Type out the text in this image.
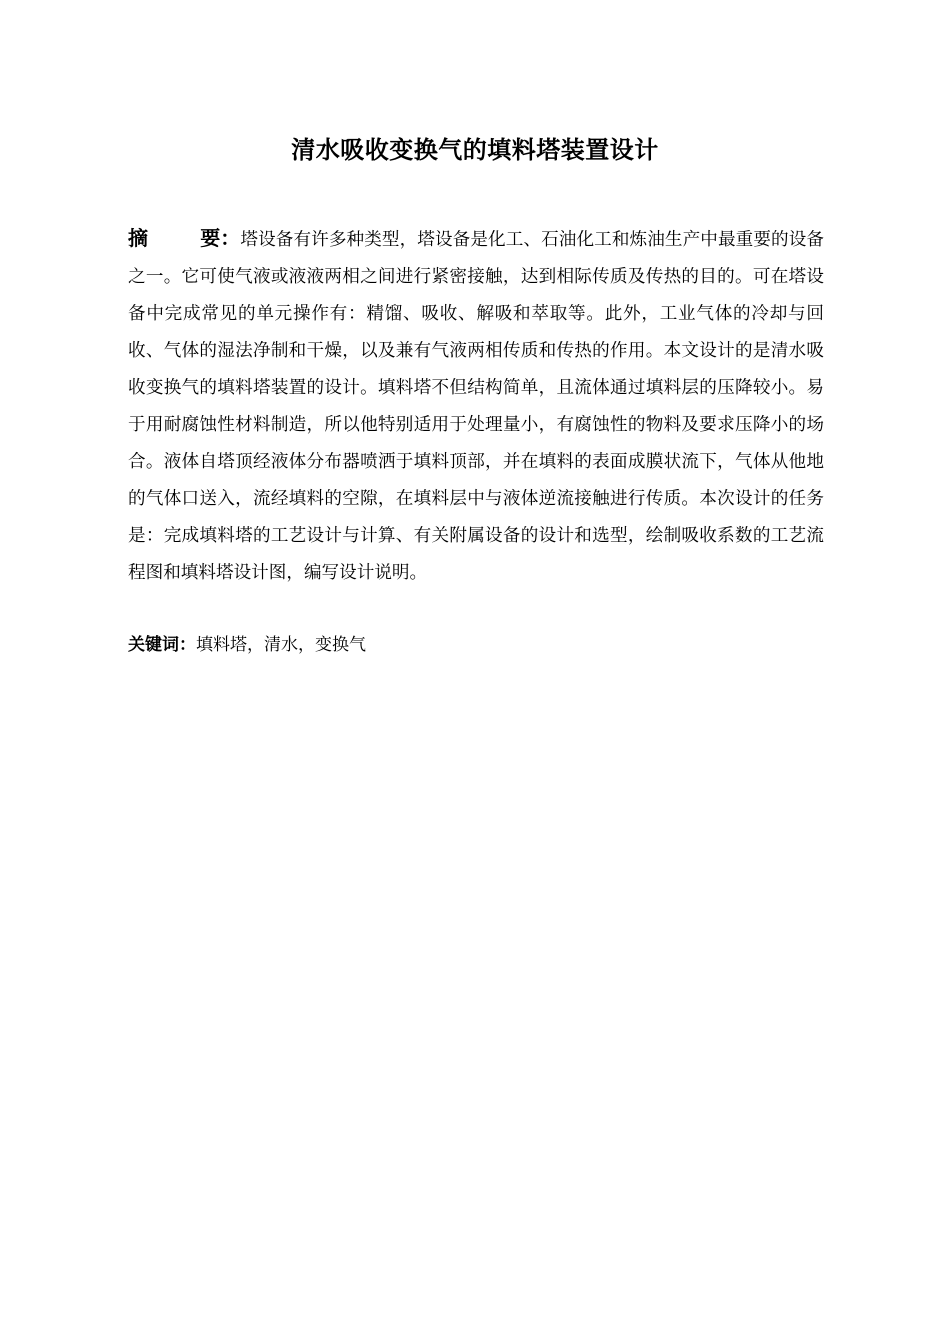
清水吸收变换气的填料塔装置设计

摘	要：塔设备有许多种类型，塔设备是化工、石油化工和炼油生产中最重要的设备之一。它可使气液或液液两相之间进行紧密接触，达到相际传质及传热的目的。可在塔设备中完成常见的单元操作有：精馏、吸收、解吸和萃取等。此外，工业气体的冷却与回收、气体的湿法净制和干燥，以及兼有气液两相传质和传热的作用。本文设计的是清水吸收变换气的填料塔装置的设计。填料塔不但结构简单，且流体通过填料层的压降较小。易于用耐腐蚀性材料制造，所以他特别适用于处理量小，有腐蚀性的物料及要求压降小的场合。液体自塔顶经液体分布器喷洒于填料顶部，并在填料的表面成膜状流下，气体从他地的气体口送入，流经填料的空隙，在填料层中与液体逆流接触进行传质。本次设计的任务是：完成填料塔的工艺设计与计算、有关附属设备的设计和选型，绘制吸收系数的工艺流程图和填料塔设计图，编写设计说明。

关键词：填料塔，清水，变换气
